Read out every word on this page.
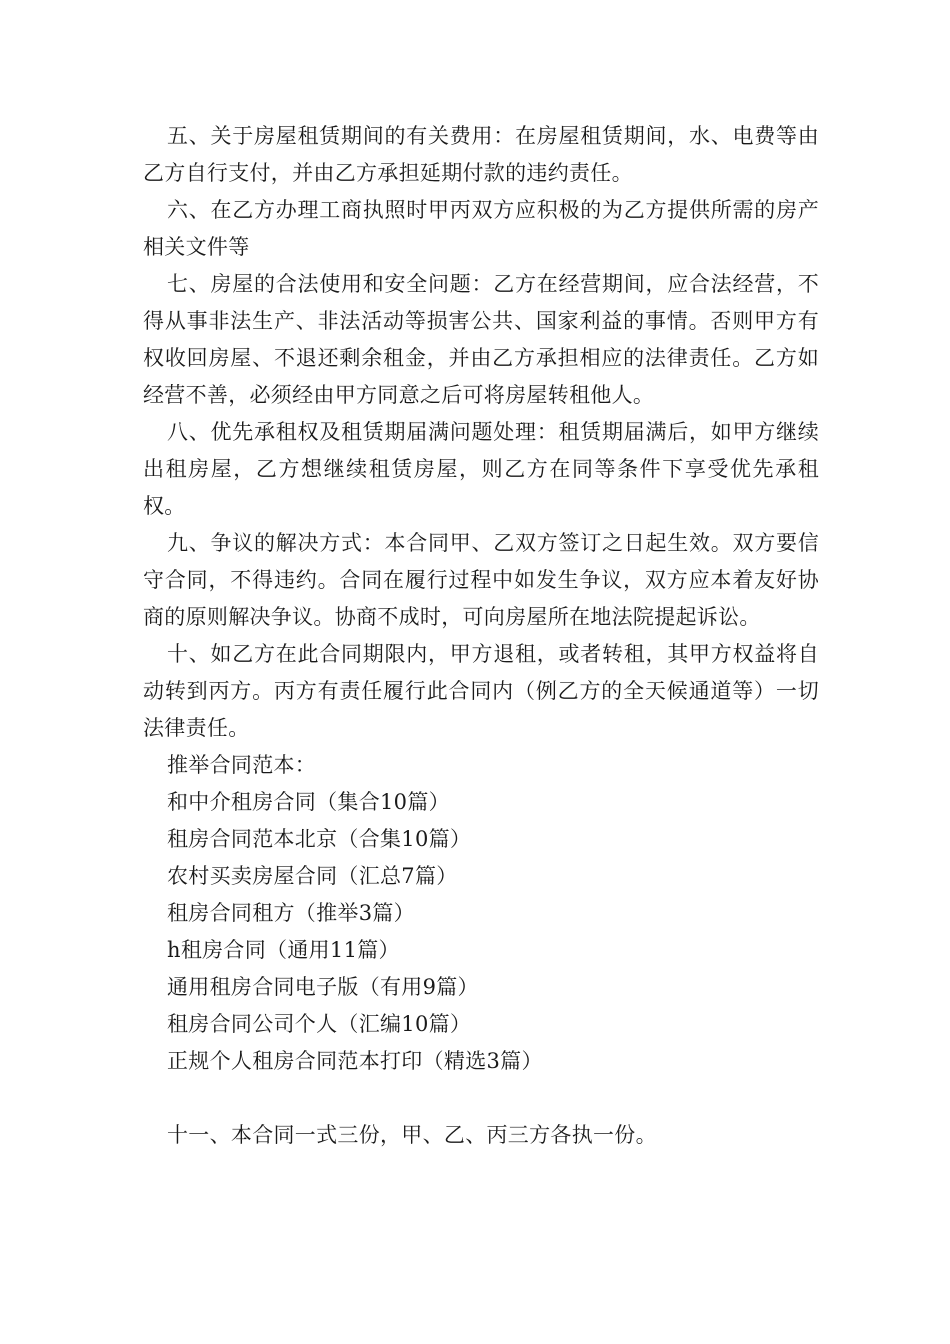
五、关于房屋租赁期间的有关费用：在房屋租赁期间，水、电费等由乙方自行支付，并由乙方承担延期付款的违约责任。

六、在乙方办理工商执照时甲丙双方应积极的为乙方提供所需的房产相关文件等

七、房屋的合法使用和安全问题：乙方在经营期间，应合法经营，不得从事非法生产、非法活动等损害公共、国家利益的事情。否则甲方有权收回房屋、不退还剩余租金，并由乙方承担相应的法律责任。乙方如经营不善，必须经由甲方同意之后可将房屋转租他人。

八、优先承租权及租赁期届满问题处理：租赁期届满后，如甲方继续出租房屋，乙方想继续租赁房屋，则乙方在同等条件下享受优先承租权。

九、争议的解决方式：本合同甲、乙双方签订之日起生效。双方要信守合同，不得违约。合同在履行过程中如发生争议，双方应本着友好协商的原则解决争议。协商不成时，可向房屋所在地法院提起诉讼。

十、如乙方在此合同期限内，甲方退租，或者转租，其甲方权益将自动转到丙方。丙方有责任履行此合同内（例乙方的全天候通道等）一切法律责任。

推举合同范本：
和中介租房合同（集合10篇）
租房合同范本北京（合集10篇）
农村买卖房屋合同（汇总7篇）
租房合同租方（推举3篇）
h租房合同（通用11篇）
通用租房合同电子版（有用9篇）
租房合同公司个人（汇编10篇）
正规个人租房合同范本打印（精选3篇）
十一、本合同一式三份，甲、乙、丙三方各执一份。
